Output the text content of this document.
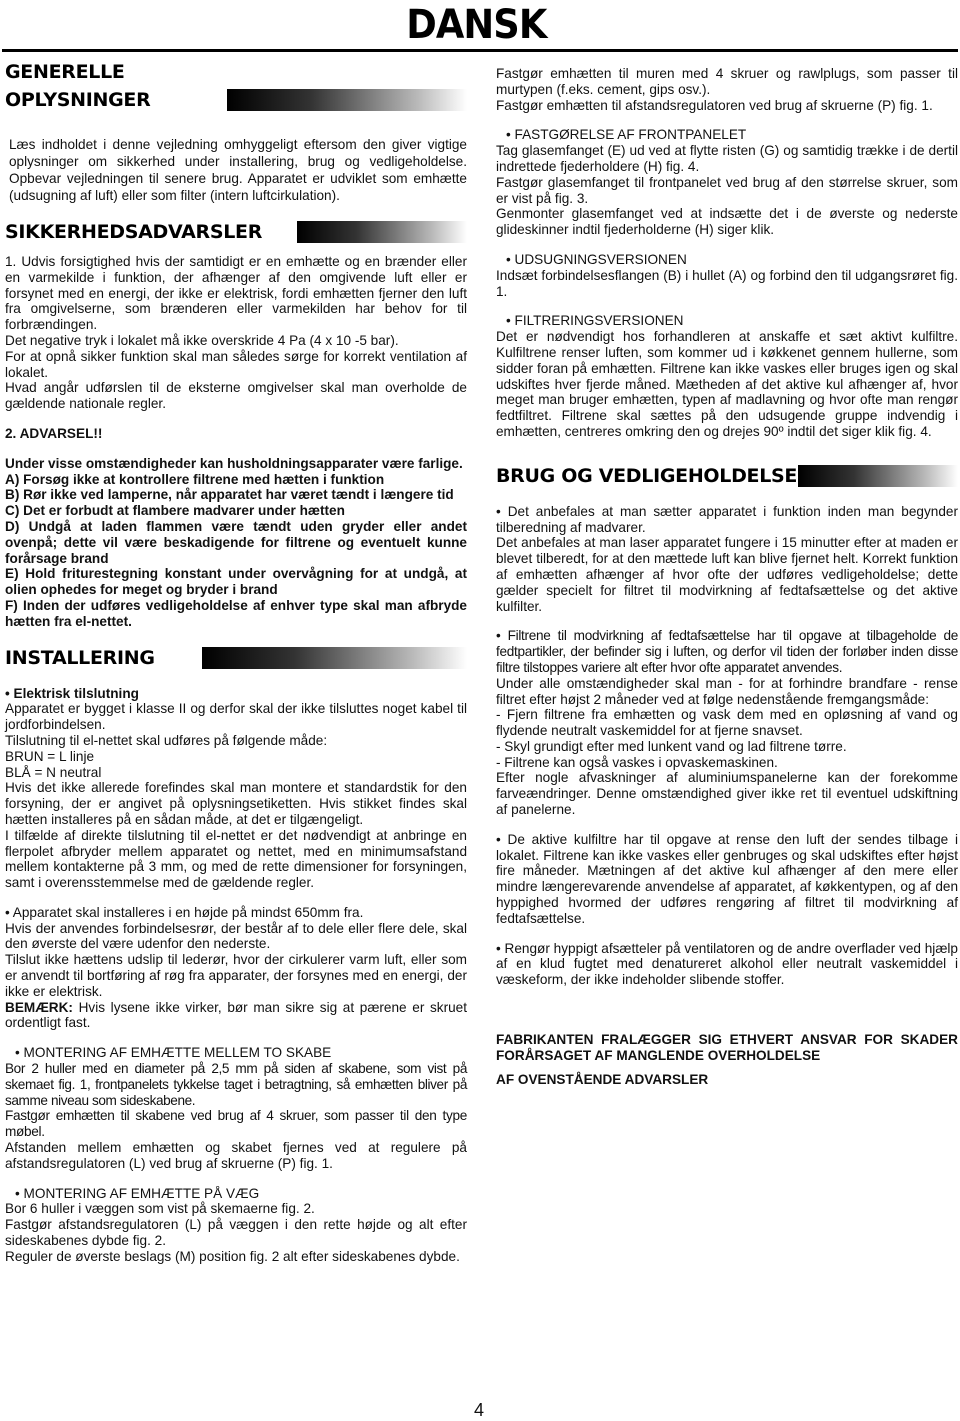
DANSK
GENERELLE
OPLYSNINGER

Læs indholdet i denne vejledning omhyggeligt eftersom den giver vigtige oplysninger om sikkerhed under installering, brug og vedligeholdelse. Opbevar vejledningen til senere brug. Apparatet er udviklet som emhætte (udsugning af luft) eller som filter (intern luftcirkulation).

SIKKERHEDSADVARSLER

1. Udvis forsigtighed hvis der samtidigt er en emhætte og en brænder eller en varmekilde i funktion, der afhænger af den omgivende luft eller er forsynet med en energi, der ikke er elektrisk, fordi emhætten fjerner den luft fra omgivelserne, som brænderen eller varmekilden har behov for til forbrændingen.

Det negative tryk i lokalet må ikke overskride 4 Pa (4 x 10 -5 bar).

For at opnå sikker funktion skal man således sørge for korrekt ventilation af lokalet.

Hvad angår udførslen til de eksterne omgivelser skal man overholde de gældende nationale regler.

2. ADVARSEL!!

Under visse omstændigheder kan husholdningsapparater være farlige.

A) Forsøg ikke at kontrollere filtrene med hætten i funktion

B) Rør ikke ved lamperne, når apparatet har været tændt i længere tid

C) Det er forbudt at flambere madvarer under hætten

D) Undgå at laden flammen være tændt uden gryder eller andet ovenpå; dette vil være beskadigende for filtrene og eventuelt kunne forårsage brand

E) Hold friturestegning konstant under overvågning for at undgå, at olien ophedes for meget og bryder i brand

F) Inden der udføres vedligeholdelse af enhver type skal man afbryde hætten fra el-nettet.

INSTALLERING

• Elektrisk tilslutning

Apparatet er bygget i klasse II og derfor skal der ikke tilsluttes noget kabel til jordforbindelsen.

Tilslutning til el-nettet skal udføres på følgende måde:

BRUN = L linje

BLÅ = N neutral

Hvis det ikke allerede forefindes skal man montere et standardstik for den forsyning, der er angivet på oplysningsetiketten. Hvis stikket findes skal hætten installeres på en sådan måde, at det er tilgængeligt.

I tilfælde af direkte tilslutning til el-nettet er det nødvendigt at anbringe en flerpolet afbryder mellem apparatet og nettet, med en minimumsafstand mellem kontakterne på 3 mm, og med de rette dimensioner for forsyningen, samt i overensstemmelse med de gældende regler.

• Apparatet skal installeres i en højde på mindst 650mm fra.

Hvis der anvendes forbindelsesrør, der består af to dele eller flere dele, skal den øverste del være udenfor den nederste.

Tilslut ikke hættens udslip til lederør, hvor der cirkulerer varm luft, eller som er anvendt til bortføring af røg fra apparater, der forsynes med en energi, der ikke er elektrisk.

BEMÆRK: Hvis lysene ikke virker, bør man sikre sig at pærene er skruet ordentligt fast.

• MONTERING AF EMHÆTTE MELLEM TO SKABE

Bor 2 huller med en diameter på 2,5 mm på siden af skabene, som vist på skemaet fig. 1, frontpanelets tykkelse taget i betragtning, så emhætten bliver på samme niveau som sideskabene.

Fastgør emhætten til skabene ved brug af 4 skruer, som passer til den type møbel.

Afstanden mellem emhætten og skabet fjernes ved at regulere på afstandsregulatoren (L) ved brug af skruerne (P) fig. 1.

• MONTERING AF EMHÆTTE PÅ VÆG

Bor 6 huller i væggen som vist på skemaerne fig. 2.

Fastgør afstandsregulatoren (L) på væggen i den rette højde og alt efter sideskabenes dybde fig. 2.

Reguler de øverste beslags (M) position fig. 2 alt efter sideskabenes dybde.

Fastgør emhætten til muren med 4 skruer og rawlplugs, som passer til murtypen (f.eks. cement, gips osv.).

Fastgør emhætten til afstandsregulatoren ved brug af skruerne (P) fig. 1.

• FASTGØRELSE AF FRONTPANELET

Tag glasemfanget (E) ud ved at flytte risten (G) og samtidig trække i de dertil indrettede fjederholdere (H) fig. 4.

Fastgør glasemfanget til frontpanelet ved brug af den størrelse skruer, som er vist på fig. 3.

Genmonter glasemfanget ved at indsætte det i de øverste og nederste glideskinner indtil fjederholderne (H) siger klik.

• UDSUGNINGSVERSIONEN

Indsæt forbindelsesflangen (B) i hullet (A) og forbind den til udgangsrøret fig. 1.

• FILTRERINGSVERSIONEN

Det er nødvendigt hos forhandleren at anskaffe et sæt aktivt kulfiltre. Kulfiltrene renser luften, som kommer ud i køkkenet gennem hullerne, som sidder foran på emhætten. Filtrene kan ikke vaskes eller bruges igen og skal udskiftes hver fjerde måned. Mætheden af det aktive kul afhænger af, hvor meget man bruger emhætten, typen af madlavning og hvor ofte man rengør fedtfiltret. Filtrene skal sættes på den udsugende gruppe indvendig i emhætten, centreres omkring den og drejes 90º indtil det siger klik fig. 4.

BRUG OG VEDLIGEHOLDELSE

• Det anbefales at man sætter apparatet i funktion inden man begynder tilberedning af madvarer.

Det anbefales at man laser apparatet fungere i 15 minutter efter at maden er blevet tilberedt, for at den mættede luft kan blive fjernet helt. Korrekt funktion af emhætten afhænger af hvor ofte der udføres vedligeholdelse; dette gælder specielt for filtret til modvirkning af fedtafsættelse og det aktive kulfilter.

• Filtrene til modvirkning af fedtafsættelse har til opgave at tilbageholde de fedtpartikler, der befinder sig i luften, og derfor vil tiden der forløber inden disse filtre tilstoppes variere alt efter hvor ofte apparatet anvendes.

Under alle omstændigheder skal man - for at forhindre brandfare - rense filtret efter højst 2 måneder ved at følge nedenstående fremgangsmåde:

- Fjern filtrene fra emhætten og vask dem med en opløsning af vand og flydende neutralt vaskemiddel for at fjerne snavset.

- Skyl grundigt efter med lunkent vand og lad filtrene tørre.

- Filtrene kan også vaskes i opvaskemaskinen.

Efter nogle afvaskninger af aluminiumspanelerne kan der forekomme farveændringer. Denne omstændighed giver ikke ret til eventuel udskiftning af panelerne.

• De aktive kulfiltre har til opgave at rense den luft der sendes tilbage i lokalet. Filtrene kan ikke vaskes eller genbruges og skal udskiftes efter højst fire måneder. Mætningen af det aktive kul afhænger af den mere eller mindre længerevarende anvendelse af apparatet, af køkkentypen, og af den hyppighed hvormed der udføres rengøring af filtret til modvirkning af fedtafsættelse.

• Rengør hyppigt afsætteler på ventilatoren og de andre overflader ved hjælp af en klud fugtet med denatureret alkohol eller neutralt vaskemiddel i væskeform, der ikke indeholder slibende stoffer.

FABRIKANTEN FRALÆGGER SIG ETHVERT ANSVAR FOR SKADER FORÅRSAGET AF MANGLENDE OVERHOLDELSE

AF OVENSTÅENDE ADVARSLER

4
